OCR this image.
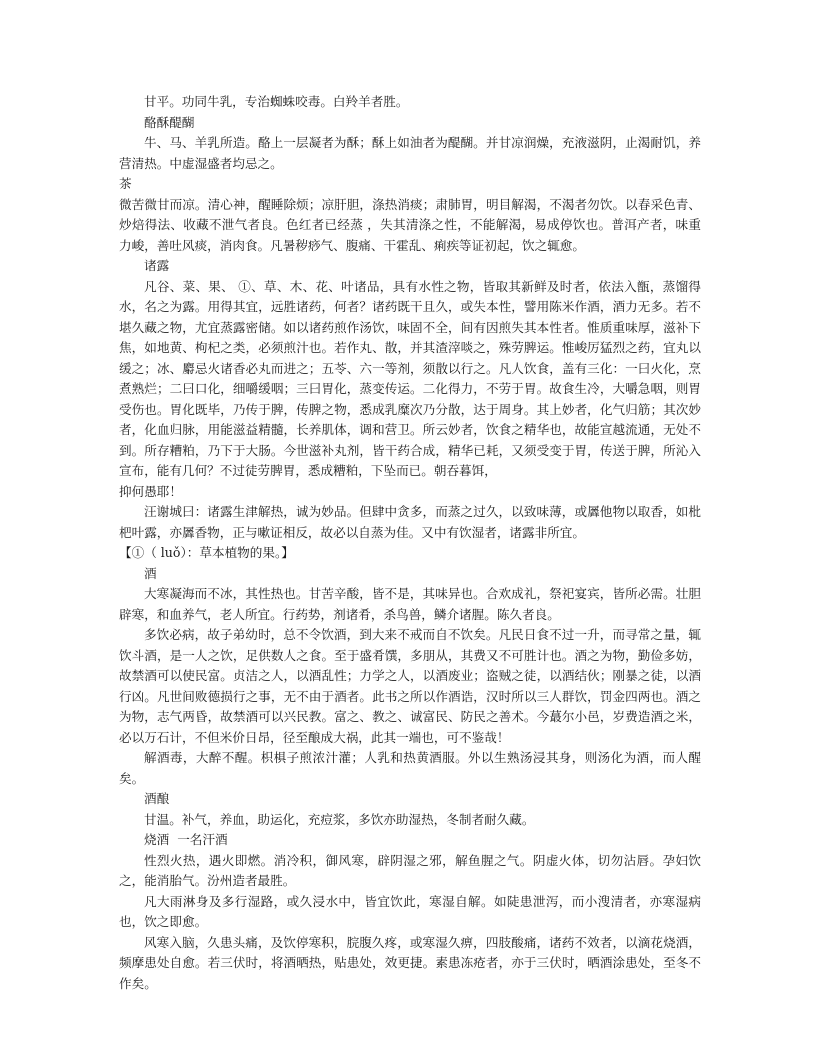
甘平。功同牛乳，专治蜘蛛咬毒。白羚羊者胜。

酪酥醍醐

牛、马、羊乳所造。酪上一层凝者为酥；酥上如油者为醍醐。并甘凉润燥，充液滋阴，止渴耐饥，养营清热。中虚湿盛者均忌之。

茶

微苦微甘而凉。清心神，醒睡除烦；凉肝胆，涤热消痰；肃肺胃，明目解渴，不渴者勿饮。以春采色青、炒焙得法、收藏不泄气者良。色红者已经蒸 ，失其清涤之性，不能解渴，易成停饮也。普洱产者，味重力峻，善吐风痰，消肉食。凡暑秽痧气、腹痛、干霍乱、痢疾等证初起，饮之辄愈。

诸露

凡谷、菜、果、 ①、草、木、花、叶诸品，具有水性之物，皆取其新鲜及时者，依法入甑，蒸馏得水，名之为露。用得其宜，远胜诸药，何者？诸药既干且久，或失本性，譬用陈米作酒，酒力无多。若不堪久藏之物，尤宜蒸露密储。如以诸药煎作汤饮，味固不全，间有因煎失其本性者。惟质重味厚，滋补下焦，如地黄、枸杞之类，必须煎汁也。若作丸、散，并其渣滓啖之，殊劳脾运。惟峻厉猛烈之药，宜丸以缓之；冰、麝忌火诸香必丸而进之；五苓、六一等剂，须散以行之。凡人饮食，盖有三化：一曰火化，烹煮熟烂；二曰口化，细嚼缓咽；三曰胃化，蒸变传运。二化得力，不劳于胃。故食生冷，大嚼急咽，则胃受伤也。胃化既毕，乃传于脾，传脾之物，悉成乳糜次乃分散，达于周身。其上妙者，化气归筋；其次妙者，化血归脉，用能滋益精髓，长养肌体，调和营卫。所云妙者，饮食之精华也，故能宣越流通，无处不到。所存糟粕，乃下于大肠。今世滋补丸剂，皆干药合成，精华已耗，又须受变于胃，传送于脾，所沁入宣布，能有几何？不过徒劳脾胃，悉成糟粕，下坠而已。朝吞暮饵，

抑何愚耶！

汪谢城曰：诸露生津解热，诚为妙品。但肆中贪多，而蒸之过久，以致味薄，或羼他物以取香，如枇杷叶露，亦羼香物，正与嗽证相反，故必以自蒸为佳。又中有饮湿者，诸露非所宜。

【①（ luǒ）：草本植物的果。】

酒

大寒凝海而不冰，其性热也。甘苦辛酸，皆不是，其味异也。合欢成礼，祭祀宴宾，皆所必需。壮胆辟寒，和血养气，老人所宜。行药势，剂诸肴，杀鸟兽，鳞介诸腥。陈久者良。

多饮必病，故子弟幼时，总不令饮酒，到大来不戒而自不饮矣。凡民日食不过一升，而寻常之量，辄饮斗酒，是一人之饮，足供数人之食。至于盛肴馔，多朋从，其费又不可胜计也。酒之为物，勤俭多妨，故禁酒可以使民富。贞洁之人，以酒乱性；力学之人，以酒废业；盗贼之徒，以酒结伙；刚暴之徒，以酒行凶。凡世间败德损行之事，无不由于酒者。此书之所以作酒诰，汉时所以三人群饮，罚金四两也。酒之为物，志气两昏，故禁酒可以兴民教。富之、教之、诚富民、防民之善术。今蕞尔小邑，岁费造酒之米，必以万石计，不但米价日昂，径至酿成大祸，此其一端也，可不鉴哉！

解酒毒，大醉不醒。枳椇子煎浓汁灌；人乳和热黄酒服。外以生熟汤浸其身，则汤化为酒，而人醒矣。

酒酿

甘温。补气，养血，助运化，充痘浆，多饮亦助湿热，冬制者耐久藏。

烧酒  一名汗酒

性烈火热，遇火即燃。消冷积，御风寒，辟阴湿之邪，解鱼腥之气。阴虚火体，切勿沾唇。孕妇饮之，能消胎气。汾州造者最胜。

凡大雨淋身及多行湿路，或久浸水中，皆宜饮此，寒湿自解。如陡患泄泻，而小溲清者，亦寒湿病也，饮之即愈。

风寒入脑，久患头痛，及饮停寒积，脘腹久疼，或寒湿久痹，四肢酸痛，诸药不效者，以滴花烧酒，频摩患处自愈。若三伏时，将酒晒热，贴患处，效更捷。素患冻疮者，亦于三伏时，晒酒涂患处，至冬不作矣。
